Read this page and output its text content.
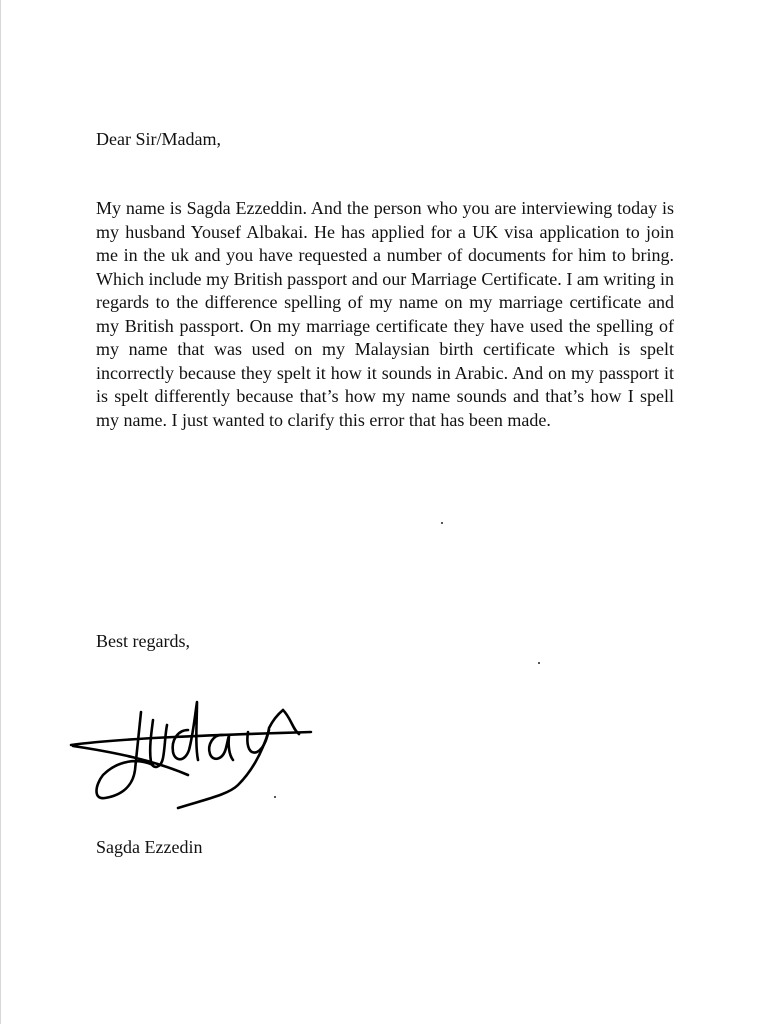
Dear Sir/Madam,
My name is Sagda Ezzeddin. And the person who you are interviewing today is my husband Yousef Albakai. He has applied for a UK visa application to join me in the uk and you have requested a number of documents for him to bring. Which include my British passport and our Marriage Certificate. I am writing in regards to the difference spelling of my name on my marriage certificate and my British passport. On my marriage certificate they have used the spelling of my name that was used on my Malaysian birth certificate which is spelt incorrectly because they spelt it how it sounds in Arabic. And on my passport it is spelt differently because that’s how my name sounds and that’s how I spell my name. I just wanted to clarify this error that has been made.
Best regards,
Sagda Ezzedin
